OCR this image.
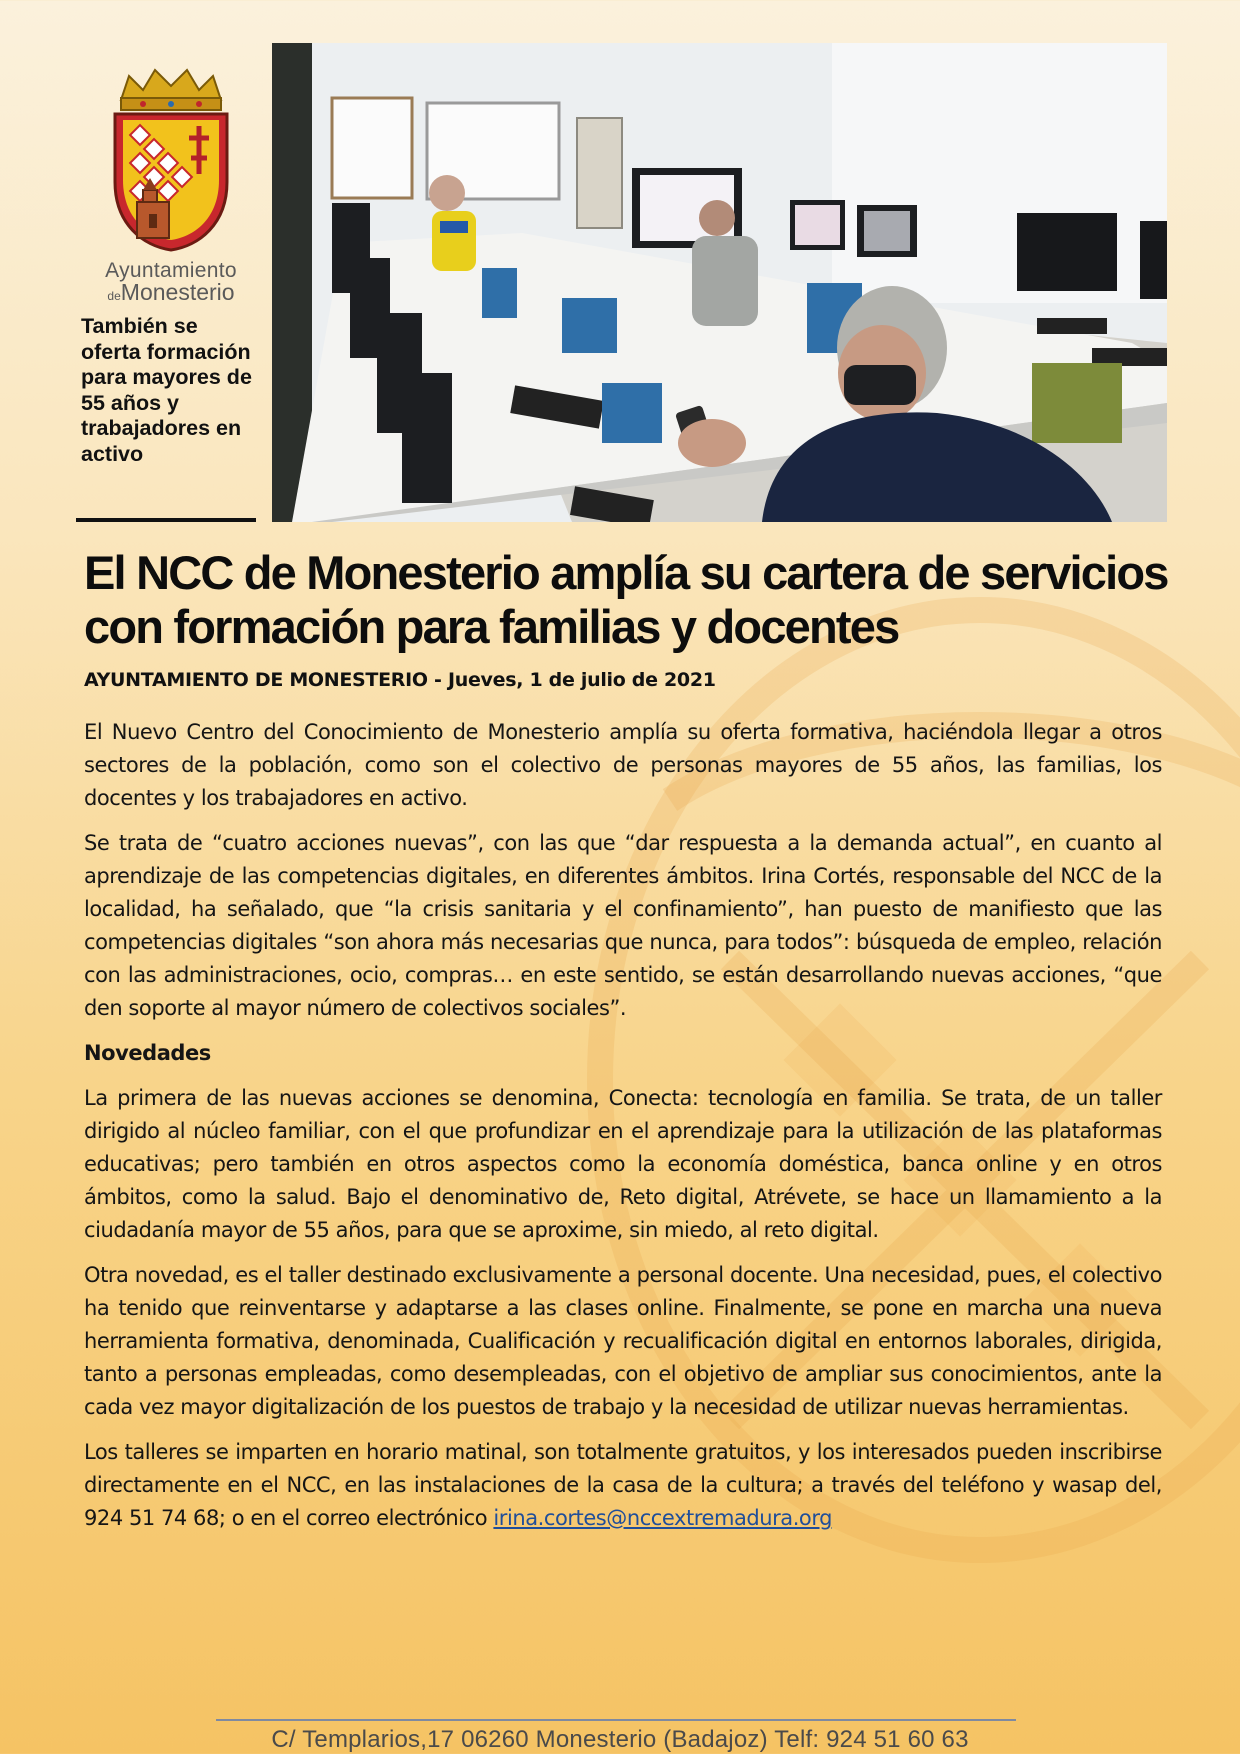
Ayuntamiento
deMonesterio
También se oferta formación para mayores de 55 años y trabajadores en activo
El NCC de Monesterio amplía su cartera de servicios con formación para familias y docentes
AYUNTAMIENTO DE MONESTERIO - Jueves, 1 de julio de 2021

El Nuevo Centro del Conocimiento de Monesterio amplía su oferta formativa, haciéndola llegar a otros sectores de la población, como son el colectivo de personas mayores de 55 años, las familias, los docentes y los trabajadores en activo.

Se trata de “cuatro acciones nuevas”, con las que “dar respuesta a la demanda actual”, en cuanto al aprendizaje de las competencias digitales, en diferentes ámbitos. Irina Cortés, responsable del NCC de la localidad, ha señalado, que “la crisis sanitaria y el confinamiento”, han puesto de manifiesto que las competencias digitales “son ahora más necesarias que nunca, para todos”: búsqueda de empleo, relación con las administraciones, ocio, compras… en este sentido, se están desarrollando nuevas acciones, “que den soporte al mayor número de colectivos sociales”.

Novedades

La primera de las nuevas acciones se denomina, Conecta: tecnología en familia. Se trata, de un taller dirigido al núcleo familiar, con el que profundizar en el aprendizaje para la utilización de las plataformas educativas; pero también en otros aspectos como la economía doméstica, banca online y en otros ámbitos, como la salud. Bajo el denominativo de, Reto digital, Atrévete, se hace un llamamiento a la ciudadanía mayor de 55 años, para que se aproxime, sin miedo, al reto digital.

Otra novedad, es el taller destinado exclusivamente a personal docente. Una necesidad, pues, el colectivo ha tenido que reinventarse y adaptarse a las clases online. Finalmente, se pone en marcha una nueva herramienta formativa, denominada, Cualificación y recualificación digital en entornos laborales, dirigida, tanto a personas empleadas, como desempleadas, con el objetivo de ampliar sus conocimientos, ante la cada vez mayor digitalización de los puestos de trabajo y la necesidad de utilizar nuevas herramientas.

Los talleres se imparten en horario matinal, son totalmente gratuitos, y los interesados pueden inscribirse directamente en el NCC, en las instalaciones de la casa de la cultura; a través del teléfono y wasap del, 924 51 74 68; o en el correo electrónico irina.cortes@nccextremadura.org

C/ Templarios,17 06260 Monesterio (Badajoz) Telf: 924 51 60 63
